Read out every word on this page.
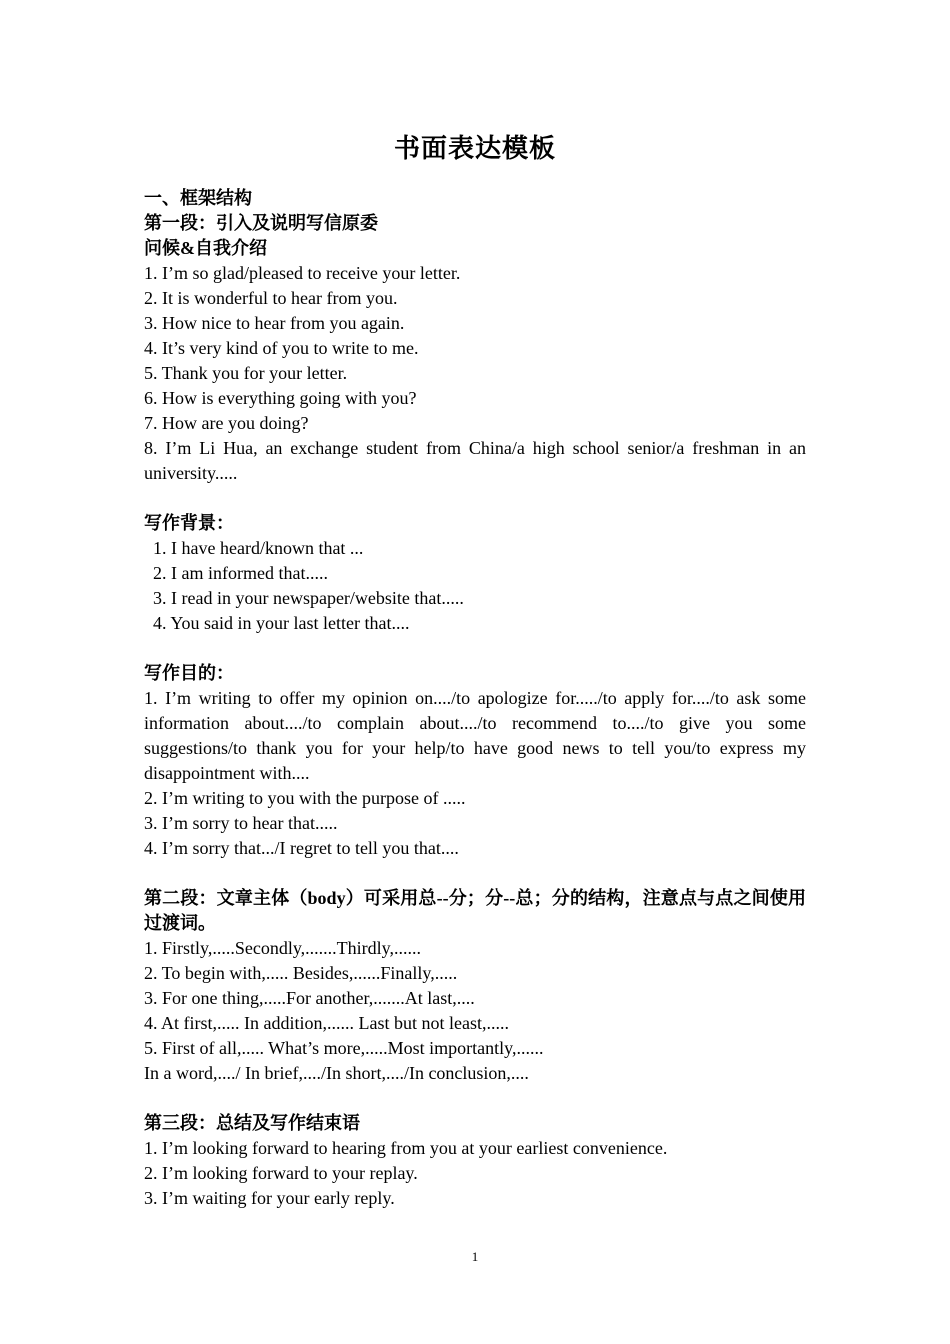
书面表达模板

一、框架结构

第一段：引入及说明写信原委

问候&自我介绍

1. I’m so glad/pleased to receive your letter.

2. It is wonderful to hear from you.

3. How nice to hear from you again.

4. It’s very kind of you to write to me.

5. Thank you for your letter.

6. How is everything going with you?

7. How are you doing?

8. I’m Li Hua, an exchange student from China/a high school senior/a freshman in an university.....

写作背景：

1. I have heard/known that ...

2. I am informed that.....

3. I read in your newspaper/website that.....

4. You said in your last letter that....

写作目的：

1. I’m writing to offer my opinion on..../to apologize for...../to apply for..../to ask some information about..../to complain about..../to recommend to..../to give you some suggestions/to thank you for your help/to have good news to tell you/to express my disappointment with....

2. I’m writing to you with the purpose of .....

3. I’m sorry to hear that.....

4. I’m sorry that.../I regret to tell you that....

第二段：文章主体（body）可采用总--分；分--总；分的结构，注意点与点之间使用过渡词。

1. Firstly,.....Secondly,.......Thirdly,......

2. To begin with,..... Besides,......Finally,.....

3. For one thing,.....For another,.......At last,....

4. At first,..... In addition,...... Last but not least,.....

5. First of all,..... What’s more,.....Most importantly,......

In a word,..../ In brief,..../In short,..../In conclusion,....

第三段：总结及写作结束语

1. I’m looking forward to hearing from you at your earliest convenience.

2. I’m looking forward to your replay.

3. I’m waiting for your early reply.

1
